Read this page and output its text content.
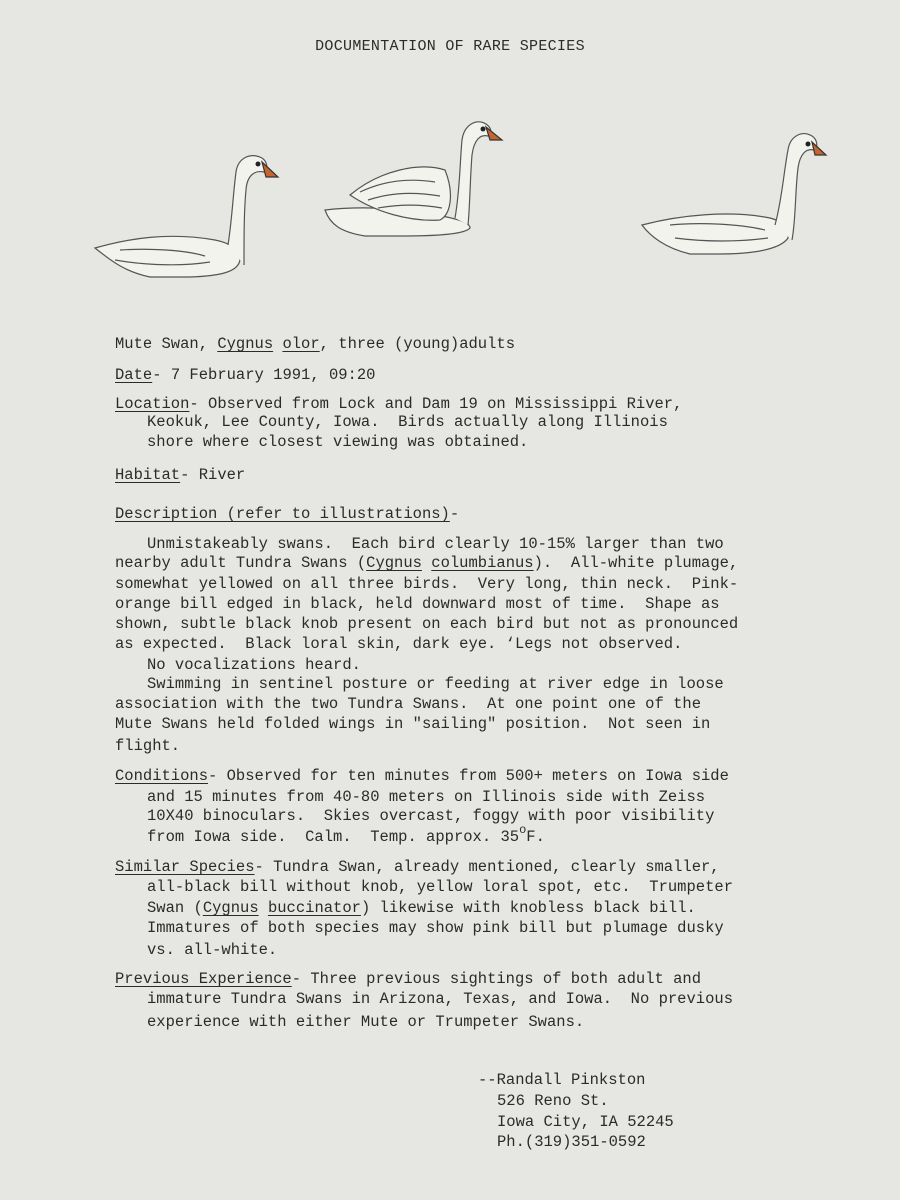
DOCUMENTATION OF RARE SPECIES
Mute Swan, Cygnus olor, three (young)adults
Date- 7 February 1991, 09:20
Location- Observed from Lock and Dam 19 on Mississippi River,
Keokuk, Lee County, Iowa.  Birds actually along Illinois
shore where closest viewing was obtained.
Habitat- River
Description (refer to illustrations)-
Unmistakeably swans.  Each bird clearly 10-15% larger than two
nearby adult Tundra Swans (Cygnus columbianus).  All-white plumage,
somewhat yellowed on all three birds.  Very long, thin neck.  Pink-
orange bill edged in black, held downward most of time.  Shape as
shown, subtle black knob present on each bird but not as pronounced
as expected.  Black loral skin, dark eye. ‘Legs not observed.
No vocalizations heard.
Swimming in sentinel posture or feeding at river edge in loose
association with the two Tundra Swans.  At one point one of the
Mute Swans held folded wings in "sailing" position.  Not seen in
flight.
Conditions- Observed for ten minutes from 500+ meters on Iowa side
and 15 minutes from 40-80 meters on Illinois side with Zeiss
10X40 binoculars.  Skies overcast, foggy with poor visibility
from Iowa side.  Calm.  Temp. approx. 35$^o$F.
Similar Species- Tundra Swan, already mentioned, clearly smaller,
all-black bill without knob, yellow loral spot, etc.  Trumpeter
Swan (Cygnus buccinator) likewise with knobless black bill.
Immatures of both species may show pink bill but plumage dusky
vs. all-white.
Previous Experience- Three previous sightings of both adult and
immature Tundra Swans in Arizona, Texas, and Iowa.  No previous
experience with either Mute or Trumpeter Swans.
--Randall Pinkston
526 Reno St.
Iowa City, IA 52245
Ph.(319)351-0592
